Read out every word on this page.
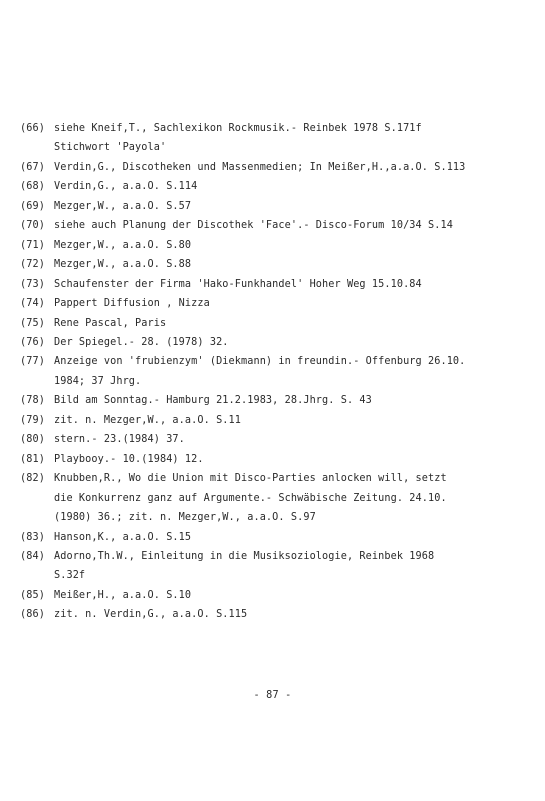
(66) siehe Kneif,T., Sachlexikon Rockmusik.- Reinbek 1978 S.171f
Stichwort 'Payola'
(67) Verdin,G., Discotheken und Massenmedien; In Meißer,H.,a.a.O. S.113
(68) Verdin,G., a.a.O. S.114
(69) Mezger,W., a.a.O. S.57
(70) siehe auch Planung der Discothek 'Face'.- Disco-Forum 10/34 S.14
(71) Mezger,W., a.a.O. S.80
(72) Mezger,W., a.a.O. S.88
(73) Schaufenster der Firma 'Hako-Funkhandel' Hoher Weg 15.10.84
(74) Pappert Diffusion , Nizza
(75) Rene Pascal, Paris
(76) Der Spiegel.- 28. (1978) 32.
(77) Anzeige von 'frubienzym' (Diekmann) in freundin.- Offenburg 26.10.
1984; 37 Jhrg.
(78) Bild am Sonntag.- Hamburg 21.2.1983, 28.Jhrg. S. 43
(79) zit. n. Mezger,W., a.a.O. S.11
(80) stern.- 23.(1984) 37.
(81) Playbooy.- 10.(1984) 12.
(82) Knubben,R., Wo die Union mit Disco-Parties anlocken will, setzt
die Konkurrenz ganz auf Argumente.- Schwäbische Zeitung. 24.10.
(1980) 36.; zit. n. Mezger,W., a.a.O. S.97
(83) Hanson,K., a.a.O. S.15
(84) Adorno,Th.W., Einleitung in die Musiksoziologie, Reinbek 1968
S.32f
(85) Meißer,H., a.a.O. S.10
(86) zit. n. Verdin,G., a.a.O. S.115
- 87 -
